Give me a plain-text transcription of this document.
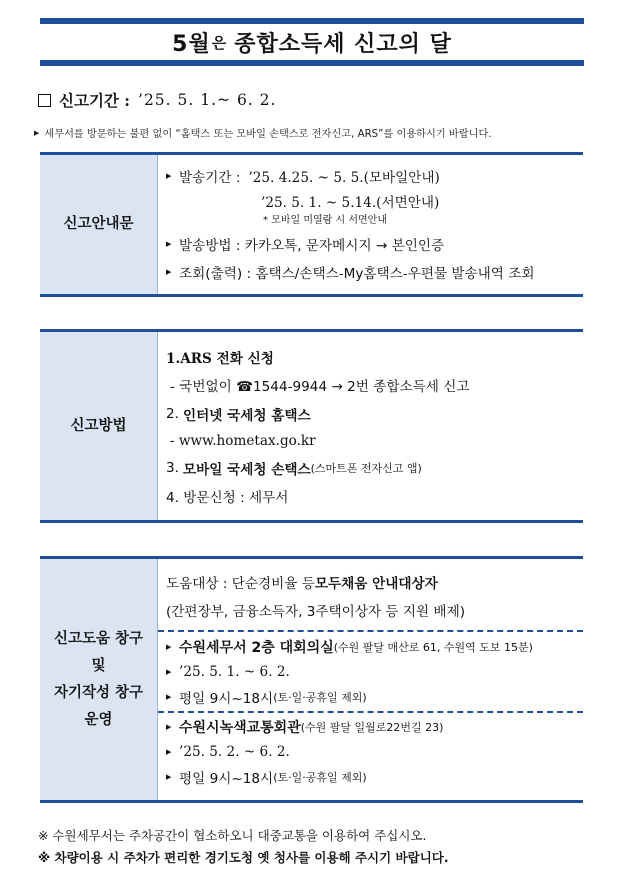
5월 은 종합소득세 신고의 달
신고기간 : ’25. 5. 1.~ 6. 2.
▶ 세무서를 방문하는 불편 없이 “홈택스 또는 모바일 손택스로 전자신고, ARS”를 이용하시기 바랍니다.
신고안내문
▶ 발송기간 : ’25. 4.25. ~ 5. 5.(모바일안내)
’25. 5. 1. ~ 5.14.(서면안내)
* 모바일 미열람 시 서면안내
▶ 발송방법 : 카카오톡, 문자메시지 → 본인인증
▶ 조회(출력) : 홈택스/손택스-My홈택스-우편물 발송내역 조회
신고방법
1.ARS 전화 신청
- 국번없이 ☎1544-9944 → 2번 종합소득세 신고
2. 인터넷 국세청 홈택스
- www.hometax.go.kr
3. 모바일 국세청 손택스 (스마트폰 전자신고 앱)
4. 방문신청 : 세무서
신고도움 창구
및
자기작성 창구
운영
도움대상 : 단순경비율 등 모두채움 안내대상자
(간편장부, 금융소득자, 3주택이상자 등 지원 배제)
▶ 수원세무서 2층 대회의실 (수원 팔달 매산로 61, 수원역 도보 15분)
▶ ’25. 5. 1. ~ 6. 2.
▶ 평일 9시~18시 (토·일·공휴일 제외)
▶ 수원시녹색교통회관 (수원 팔달 일월로22번길 23)
▶ ’25. 5. 2. ~ 6. 2.
▶ 평일 9시~18시 (토·일·공휴일 제외)
※ 수원세무서는 주차공간이 협소하오니 대중교통을 이용하여 주십시오.
※ 차량이용 시 주차가 편리한 경기도청 옛 청사를 이용해 주시기 바랍니다.
